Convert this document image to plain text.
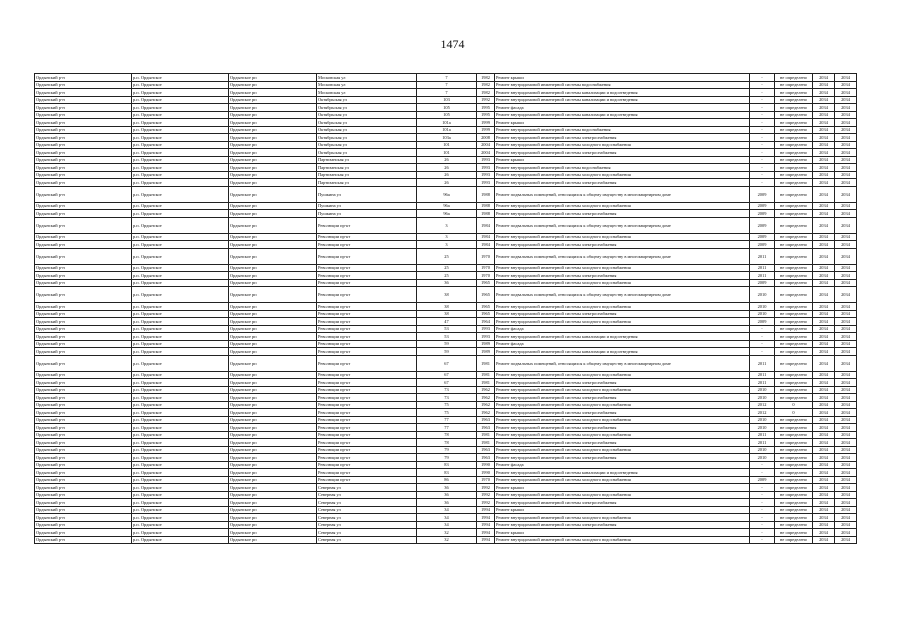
1474
Ордынский р-н	р.п. Ордынское	Ордынское рп	Московская ул	7	1982	Ремонт крыши	-	не определено	2034	2034
Ордынский р-н	р.п. Ордынское	Ордынское рп	Московская ул	7	1982	Ремонт внутридомовой инженерной системы водоснабжения	-	не определено	2034	2034
Ордынский р-н	р.п. Ордынское	Ордынское рп	Московская ул	7	1982	Ремонт внутридомовой инженерной системы канализации и водоотведения	-	не определено	2034	2034
Ордынский р-н	р.п. Ордынское	Ордынское рп	Октябрьская ул	103	1992	Ремонт внутридомовой инженерной системы канализации и водоотведения	-	не определено	2034	2034
Ордынский р-н	р.п. Ордынское	Ордынское рп	Октябрьская ул	105	1995	Ремонт фасада	-	не определено	2034	2034
Ордынский р-н	р.п. Ордынское	Ордынское рп	Октябрьская ул	105	1995	Ремонт внутридомовой инженерной системы канализации и водоотведения	-	не определено	2034	2034
Ордынский р-н	р.п. Ордынское	Ордынское рп	Октябрьская ул	101а	1999	Ремонт крыши	-	не определено	2034	2034
Ордынский р-н	р.п. Ордынское	Ордынское рп	Октябрьская ул	101а	1999	Ремонт внутридомовой инженерной системы водоснабжения	-	не определено	2034	2034
Ордынский р-н	р.п. Ордынское	Ордынское рп	Октябрьская ул	103а	2008	Ремонт внутридомовой инженерной системы электроснабжения	-	не определено	2034	2034
Ордынский р-н	р.п. Ордынское	Ордынское рп	Октябрьская ул	101	2004	Ремонт внутридомовой инженерной системы холодного водоснабжения	-	не определено	2034	2034
Ордынский р-н	р.п. Ордынское	Ордынское рп	Октябрьская ул	101	2004	Ремонт внутридомовой инженерной системы электроснабжения	-	не определено	2034	2034
Ордынский р-н	р.п. Ордынское	Ордынское рп	Партизанская ул	26	1993	Ремонт крыши	-	не определено	2034	2034
Ордынский р-н	р.п. Ордынское	Ордынское рп	Партизанская ул	26	1993	Ремонт внутридомовой инженерной системы водоснабжения	-	не определено	2034	2034
Ордынский р-н	р.п. Ордынское	Ордынское рп	Партизанская ул	26	1993	Ремонт внутридомовой инженерной системы холодного водоснабжения	-	не определено	2034	2034
Ордынский р-н	р.п. Ордынское	Ордынское рп	Партизанская ул	26	1993	Ремонт внутридомовой инженерной системы электроснабжения	-	не определено	2034	2034
Ордынский р-н	р.п. Ордынское	Ордынское рп	Пушкина ул	96а	1988	Ремонт подвальных помещений, относящихся к общему имуществу в многоквартирном доме	2009	не определено	2034	2034
Ордынский р-н	р.п. Ордынское	Ордынское рп	Пушкина ул	96а	1988	Ремонт внутридомовой инженерной системы холодного водоснабжения	2009	не определено	2034	2034
Ордынский р-н	р.п. Ордынское	Ордынское рп	Пушкина ул	96а	1988	Ремонт внутридомовой инженерной системы электроснабжения	2009	не определено	2034	2034
Ордынский р-н	р.п. Ордынское	Ордынское рп	Революции пр-кт	3	1984	Ремонт подвальных помещений, относящихся к общему имуществу в многоквартирном доме	2009	не определено	2034	2034
Ордынский р-н	р.п. Ордынское	Ордынское рп	Революции пр-кт	3	1984	Ремонт внутридомовой инженерной системы холодного водоснабжения	2009	не определено	2034	2034
Ордынский р-н	р.п. Ордынское	Ордынское рп	Революции пр-кт	3	1984	Ремонт внутридомовой инженерной системы электроснабжения	2009	не определено	2034	2034
Ордынский р-н	р.п. Ордынское	Ордынское рп	Революции пр-кт	25	1970	Ремонт подвальных помещений, относящихся к общему имуществу в многоквартирном доме	2011	не определено	2034	2034
Ордынский р-н	р.п. Ордынское	Ордынское рп	Революции пр-кт	25	1970	Ремонт внутридомовой инженерной системы холодного водоснабжения	2011	не определено	2034	2034
Ордынский р-н	р.п. Ордынское	Ордынское рп	Революции пр-кт	25	1970	Ремонт внутридомовой инженерной системы электроснабжения	2011	не определено	2034	2034
Ордынский р-н	р.п. Ордынское	Ордынское рп	Революции пр-кт	36	1965	Ремонт внутридомовой инженерной системы холодного водоснабжения	2009	не определено	2034	2034
Ордынский р-н	р.п. Ордынское	Ордынское рп	Революции пр-кт	38	1965	Ремонт подвальных помещений, относящихся к общему имуществу в многоквартирном доме	2010	не определено	2034	2034
Ордынский р-н	р.п. Ордынское	Ордынское рп	Революции пр-кт	38	1965	Ремонт внутридомовой инженерной системы холодного водоснабжения	2010	не определено	2034	2034
Ордынский р-н	р.п. Ордынское	Ордынское рп	Революции пр-кт	38	1965	Ремонт внутридомовой инженерной системы электроснабжения	2010	не определено	2034	2034
Ордынский р-н	р.п. Ордынское	Ордынское рп	Революции пр-кт	47	1964	Ремонт внутридомовой инженерной системы холодного водоснабжения	2009	не определено	2034	2034
Ордынский р-н	р.п. Ордынское	Ордынское рп	Революции пр-кт	53	1993	Ремонт фасада	-	не определено	2034	2034
Ордынский р-н	р.п. Ордынское	Ордынское рп	Революции пр-кт	53	1993	Ремонт внутридомовой инженерной системы канализации и водоотведения	-	не определено	2034	2034
Ордынский р-н	р.п. Ордынское	Ордынское рп	Революции пр-кт	59	1989	Ремонт фасада	-	не определено	2034	2034
Ордынский р-н	р.п. Ордынское	Ордынское рп	Революции пр-кт	59	1989	Ремонт внутридомовой инженерной системы канализации и водоотведения	-	не определено	2034	2034
Ордынский р-н	р.п. Ордынское	Ордынское рп	Революции пр-кт	67	1981	Ремонт подвальных помещений, относящихся к общему имуществу в многоквартирном доме	2011	не определено	2034	2034
Ордынский р-н	р.п. Ордынское	Ордынское рп	Революции пр-кт	67	1981	Ремонт внутридомовой инженерной системы холодного водоснабжения	2011	не определено	2034	2034
Ордынский р-н	р.п. Ордынское	Ордынское рп	Революции пр-кт	67	1981	Ремонт внутридомовой инженерной системы электроснабжения	2011	не определено	2034	2034
Ордынский р-н	р.п. Ордынское	Ордынское рп	Революции пр-кт	73	1962	Ремонт внутридомовой инженерной системы холодного водоснабжения	2010	не определено	2034	2034
Ордынский р-н	р.п. Ордынское	Ордынское рп	Революции пр-кт	73	1962	Ремонт внутридомовой инженерной системы электроснабжения	2010	не определено	2034	2034
Ордынский р-н	р.п. Ордынское	Ордынское рп	Революции пр-кт	75	1962	Ремонт внутридомовой инженерной системы холодного водоснабжения	2012	0	2034	2034
Ордынский р-н	р.п. Ордынское	Ордынское рп	Революции пр-кт	75	1962	Ремонт внутридомовой инженерной системы электроснабжения	2012	0	2034	2034
Ордынский р-н	р.п. Ордынское	Ордынское рп	Революции пр-кт	77	1963	Ремонт внутридомовой инженерной системы холодного водоснабжения	2010	не определено	2034	2034
Ордынский р-н	р.п. Ордынское	Ордынское рп	Революции пр-кт	77	1963	Ремонт внутридомовой инженерной системы электроснабжения	2010	не определено	2034	2034
Ордынский р-н	р.п. Ордынское	Ордынское рп	Революции пр-кт	78	1981	Ремонт внутридомовой инженерной системы холодного водоснабжения	2011	не определено	2034	2034
Ордынский р-н	р.п. Ордынское	Ордынское рп	Революции пр-кт	78	1981	Ремонт внутридомовой инженерной системы электроснабжения	2011	не определено	2034	2034
Ордынский р-н	р.п. Ордынское	Ордынское рп	Революции пр-кт	79	1963	Ремонт внутридомовой инженерной системы холодного водоснабжения	2010	не определено	2034	2034
Ордынский р-н	р.п. Ордынское	Ордынское рп	Революции пр-кт	79	1963	Ремонт внутридомовой инженерной системы электроснабжения	2010	не определено	2034	2034
Ордынский р-н	р.п. Ордынское	Ордынское рп	Революции пр-кт	83	1990	Ремонт фасада	-	не определено	2034	2034
Ордынский р-н	р.п. Ордынское	Ордынское рп	Революции пр-кт	83	1990	Ремонт внутридомовой инженерной системы канализации и водоотведения	-	не определено	2034	2034
Ордынский р-н	р.п. Ордынское	Ордынское рп	Революции пр-кт	86	1970	Ремонт внутридомовой инженерной системы холодного водоснабжения	2009	не определено	2034	2034
Ордынский р-н	р.п. Ордынское	Ордынское рп	Северная ул	36	1992	Ремонт крыши	-	не определено	2034	2034
Ордынский р-н	р.п. Ордынское	Ордынское рп	Северная ул	36	1992	Ремонт внутридомовой инженерной системы холодного водоснабжения	-	не определено	2034	2034
Ордынский р-н	р.п. Ордынское	Ордынское рп	Северная ул	36	1992	Ремонт внутридомовой инженерной системы электроснабжения	-	не определено	2034	2034
Ордынский р-н	р.п. Ордынское	Ордынское рп	Северная ул	34	1994	Ремонт крыши	-	не определено	2034	2034
Ордынский р-н	р.п. Ордынское	Ордынское рп	Северная ул	34	1994	Ремонт внутридомовой инженерной системы холодного водоснабжения	-	не определено	2034	2034
Ордынский р-н	р.п. Ордынское	Ордынское рп	Северная ул	34	1994	Ремонт внутридомовой инженерной системы электроснабжения	-	не определено	2034	2034
Ордынский р-н	р.п. Ордынское	Ордынское рп	Северная ул	32	1994	Ремонт крыши	-	не определено	2034	2034
Ордынский р-н	р.п. Ордынское	Ордынское рп	Северная ул	32	1994	Ремонт внутридомовой инженерной системы холодного водоснабжения	-	не определено	2034	2034
